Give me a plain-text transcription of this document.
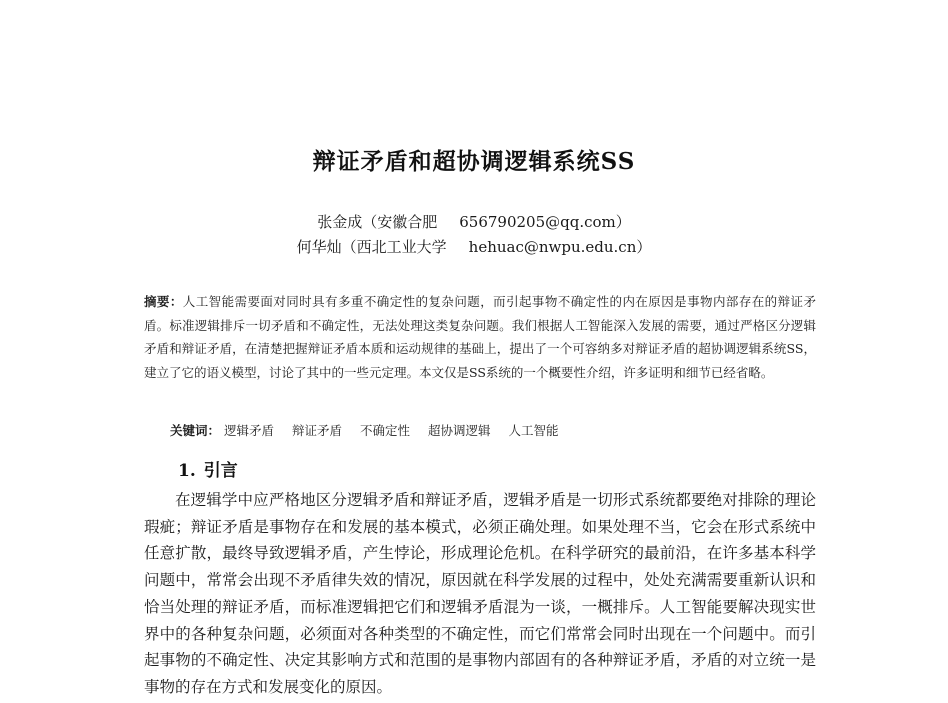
辩证矛盾和超协调逻辑系统SS
张金成（安徽合肥 656790205@qq.com）
何华灿（西北工业大学 hehuac@nwpu.edu.cn）
摘要：人工智能需要面对同时具有多重不确定性的复杂问题，而引起事物不确定性的内在原因是事物内部存在的辩证矛盾。标准逻辑排斥一切矛盾和不确定性，无法处理这类复杂问题。我们根据人工智能深入发展的需要，通过严格区分逻辑矛盾和辩证矛盾，在清楚把握辩证矛盾本质和运动规律的基础上，提出了一个可容纳多对辩证矛盾的超协调逻辑系统SS，建立了它的语义模型，讨论了其中的一些元定理。本文仅是SS系统的一个概要性介绍，许多证明和细节已经省略。
关键词： 逻辑矛盾 辩证矛盾 不确定性 超协调逻辑 人工智能
1. 引言

在逻辑学中应严格地区分逻辑矛盾和辩证矛盾，逻辑矛盾是一切形式系统都要绝对排除的理论瑕疵；辩证矛盾是事物存在和发展的基本模式，必须正确处理。如果处理不当，它会在形式系统中任意扩散，最终导致逻辑矛盾，产生悖论，形成理论危机。在科学研究的最前沿，在许多基本科学问题中，常常会出现不矛盾律失效的情况，原因就在科学发展的过程中，处处充满需要重新认识和恰当处理的辩证矛盾，而标准逻辑把它们和逻辑矛盾混为一谈，一概排斥。人工智能要解决现实世界中的各种复杂问题，必须面对各种类型的不确定性，而它们常常会同时出现在一个问题中。而引起事物的不确定性、决定其影响方式和范围的是事物内部固有的各种辩证矛盾，矛盾的对立统一是事物的存在方式和发展变化的原因。
